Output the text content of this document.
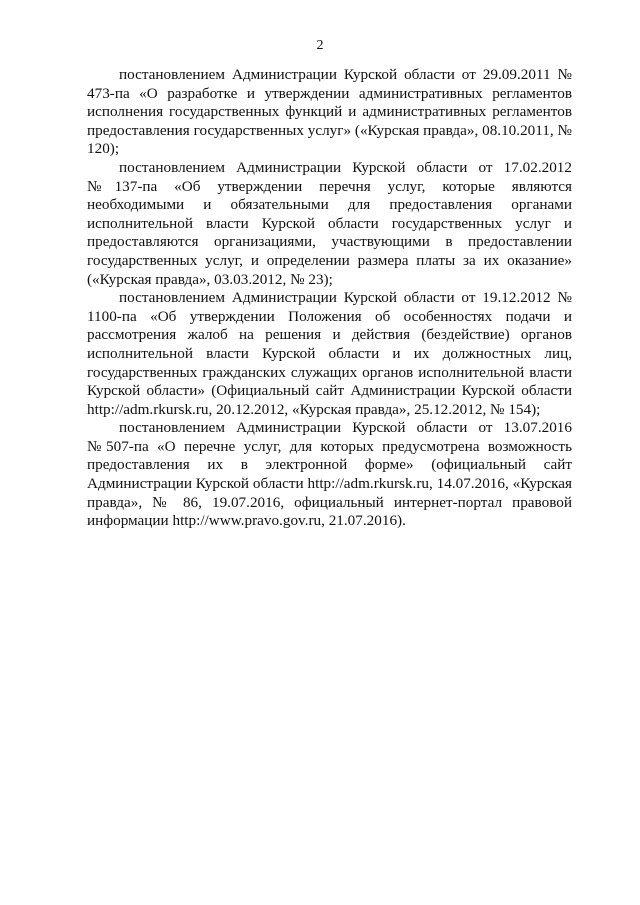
2

постановлением Администрации Курской области от 29.09.2011 № 473-па «О разработке и утверждении административных регламентов исполнения государственных функций и административных регламентов предоставления государственных услуг» («Курская правда», 08.10.2011, № 120);

постановлением Администрации Курской области от 17.02.2012 №137-па «Об утверждении перечня услуг, которые являются необходимыми и обязательными для предоставления органами исполнительной власти Курской области государственных услуг и предоставляются организациями, участвующими в предоставлении государственных услуг, и определении размера платы за их оказание» («Курская правда», 03.03.2012, № 23);

постановлением Администрации Курской области от 19.12.2012 № 1100-па «Об утверждении Положения об особенностях подачи и рассмотрения жалоб на решения и действия (бездействие) органов исполнительной власти Курской области и их должностных лиц, государственных гражданских служащих органов исполнительной власти Курской области» (Официальный сайт Администрации Курской области http://adm.rkursk.ru, 20.12.2012, «Курская правда», 25.12.2012, № 154);

постановлением Администрации Курской области от 13.07.2016 №507-па «О перечне услуг, для которых предусмотрена возможность предоставления их в электронной форме» (официальный сайт Администрации Курской области http://adm.rkursk.ru, 14.07.2016, «Курская правда», № 86, 19.07.2016, официальный интернет-портал правовой информации http://www.pravo.gov.ru, 21.07.2016).
